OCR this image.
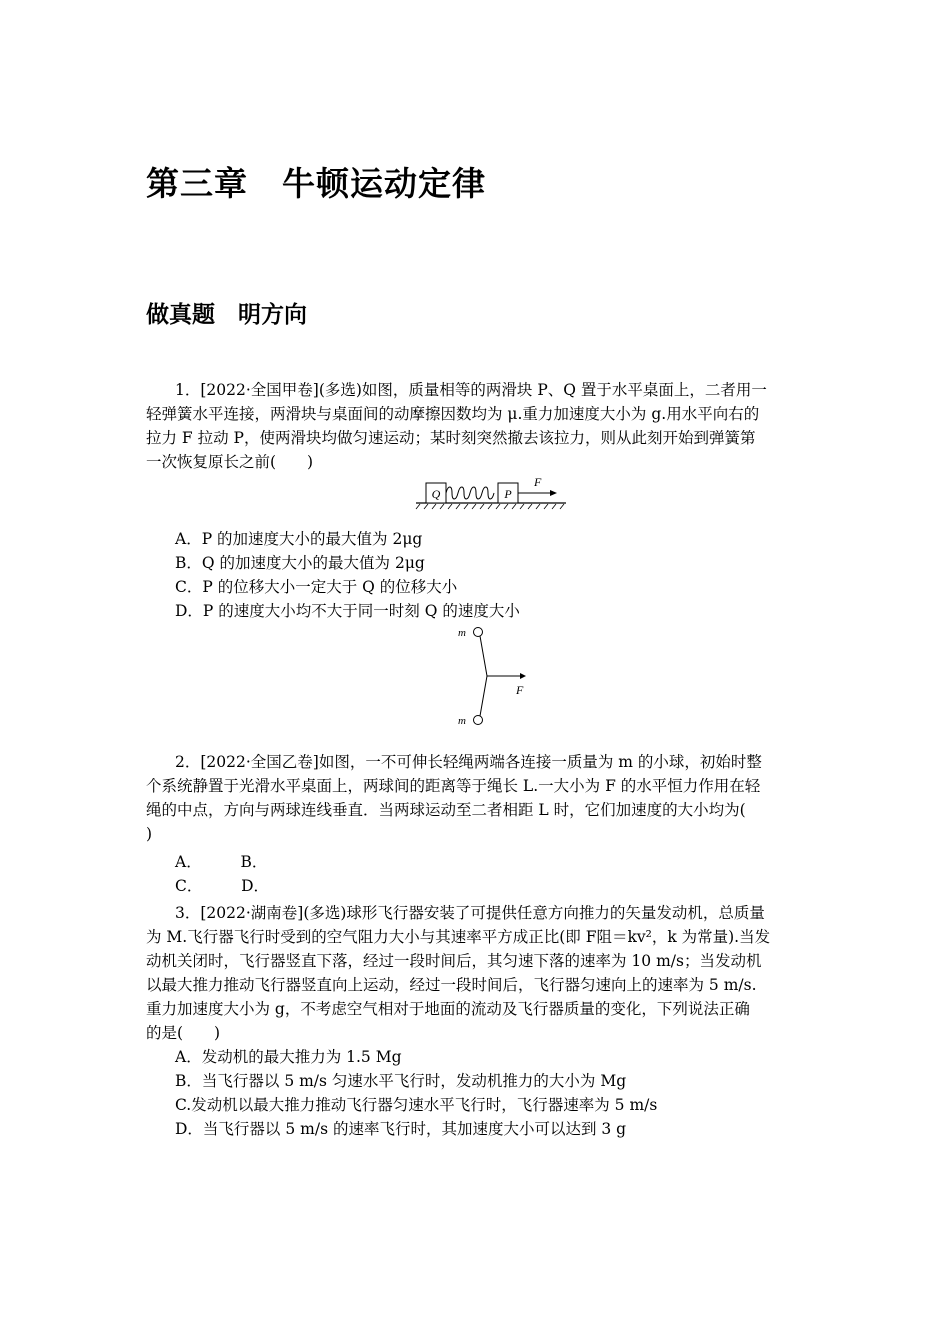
第三章　牛顿运动定律
做真题　明方向
1．[2022·全国甲卷](多选)如图，质量相等的两滑块 P、Q 置于水平桌面上，二者用一
轻弹簧水平连接，两滑块与桌面间的动摩擦因数均为 μ.重力加速度大小为 g.用水平向右的
拉力 F 拉动 P，使两滑块均做匀速运动；某时刻突然撤去该拉力，则从此刻开始到弹簧第
一次恢复原长之前(　　)
Q	P
F
A．P 的加速度大小的最大值为 2μg
B．Q 的加速度大小的最大值为 2μg
C．P 的位移大小一定大于 Q 的位移大小
D．P 的速度大小均不大于同一时刻 Q 的速度大小
m
m
F
2．[2022·全国乙卷]如图，一不可伸长轻绳两端各连接一质量为 m 的小球，初始时整
个系统静置于光滑水平桌面上，两球间的距离等于绳长 L.一大小为 F 的水平恒力作用在轻
绳的中点，方向与两球连线垂直．当两球运动至二者相距 L 时，它们加速度的大小均为(
)
A．　　　B．
C．　　　D．
3．[2022·湖南卷](多选)球形飞行器安装了可提供任意方向推力的矢量发动机，总质量
为 M.飞行器飞行时受到的空气阻力大小与其速率平方成正比(即 F阻＝kv²，k 为常量).当发
动机关闭时，飞行器竖直下落，经过一段时间后，其匀速下落的速率为 10 m/s；当发动机
以最大推力推动飞行器竖直向上运动，经过一段时间后，飞行器匀速向上的速率为 5 m/s.
重力加速度大小为 g，不考虑空气相对于地面的流动及飞行器质量的变化，下列说法正确
的是(　　)
A．发动机的最大推力为 1.5 Mg
B．当飞行器以 5 m/s 匀速水平飞行时，发动机推力的大小为 Mg
C.发动机以最大推力推动飞行器匀速水平飞行时，飞行器速率为 5 m/s
D．当飞行器以 5 m/s 的速率飞行时，其加速度大小可以达到 3 g
